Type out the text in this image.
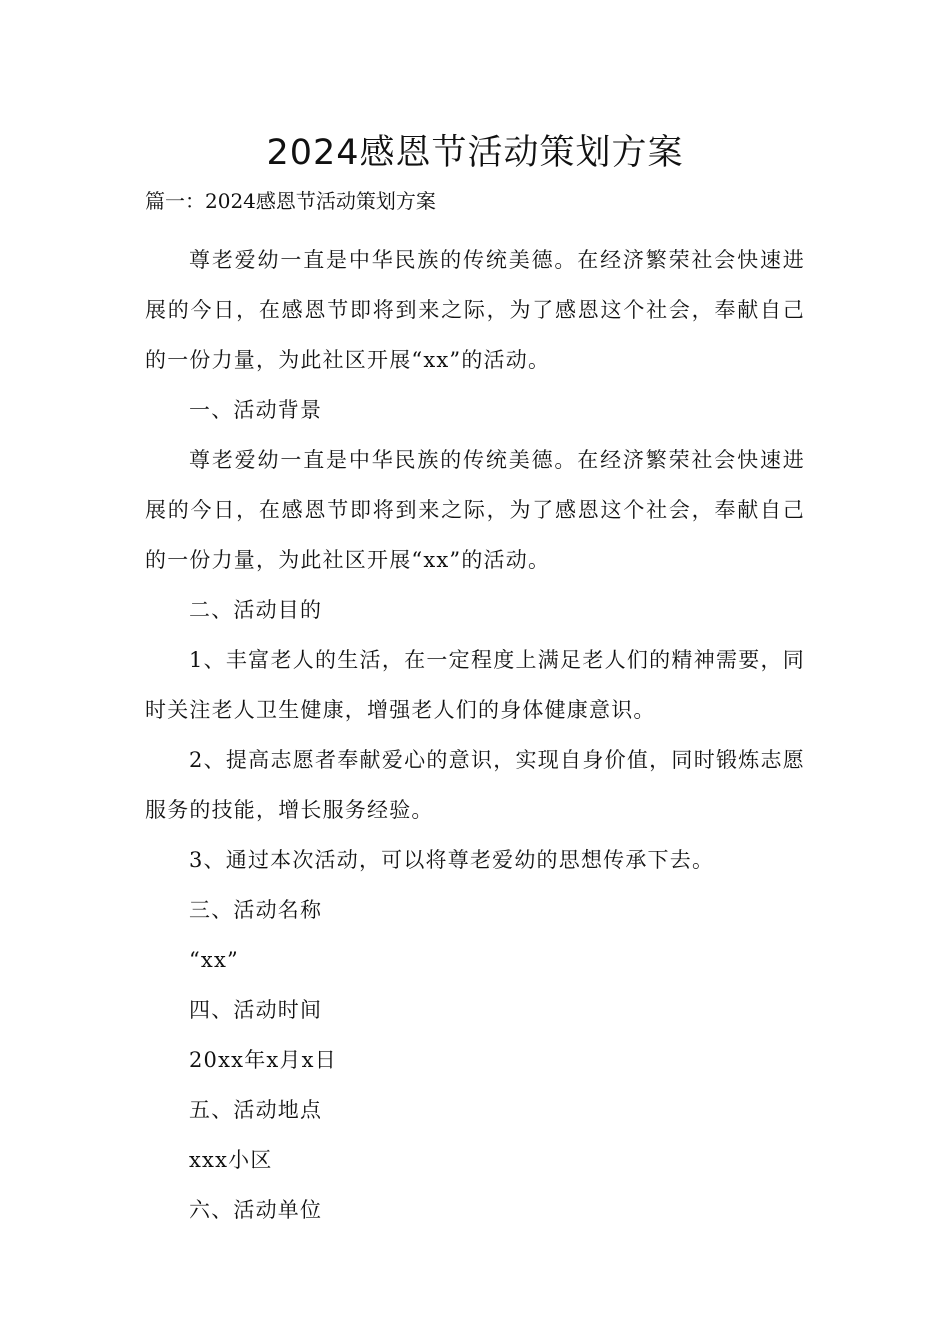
2024感恩节活动策划方案

篇一：2024感恩节活动策划方案

尊老爱幼一直是中华民族的传统美德。在经济繁荣社会快速进展的今日，在感恩节即将到来之际，为了感恩这个社会，奉献自己的一份力量，为此社区开展“xx”的活动。

一、活动背景

尊老爱幼一直是中华民族的传统美德。在经济繁荣社会快速进展的今日，在感恩节即将到来之际，为了感恩这个社会，奉献自己的一份力量，为此社区开展“xx”的活动。

二、活动目的

1、丰富老人的生活，在一定程度上满足老人们的精神需要，同时关注老人卫生健康，增强老人们的身体健康意识。

2、提高志愿者奉献爱心的意识，实现自身价值，同时锻炼志愿服务的技能，增长服务经验。

3、通过本次活动，可以将尊老爱幼的思想传承下去。

三、活动名称

“xx”

四、活动时间

20xx年x月x日

五、活动地点

xxx小区

六、活动单位
